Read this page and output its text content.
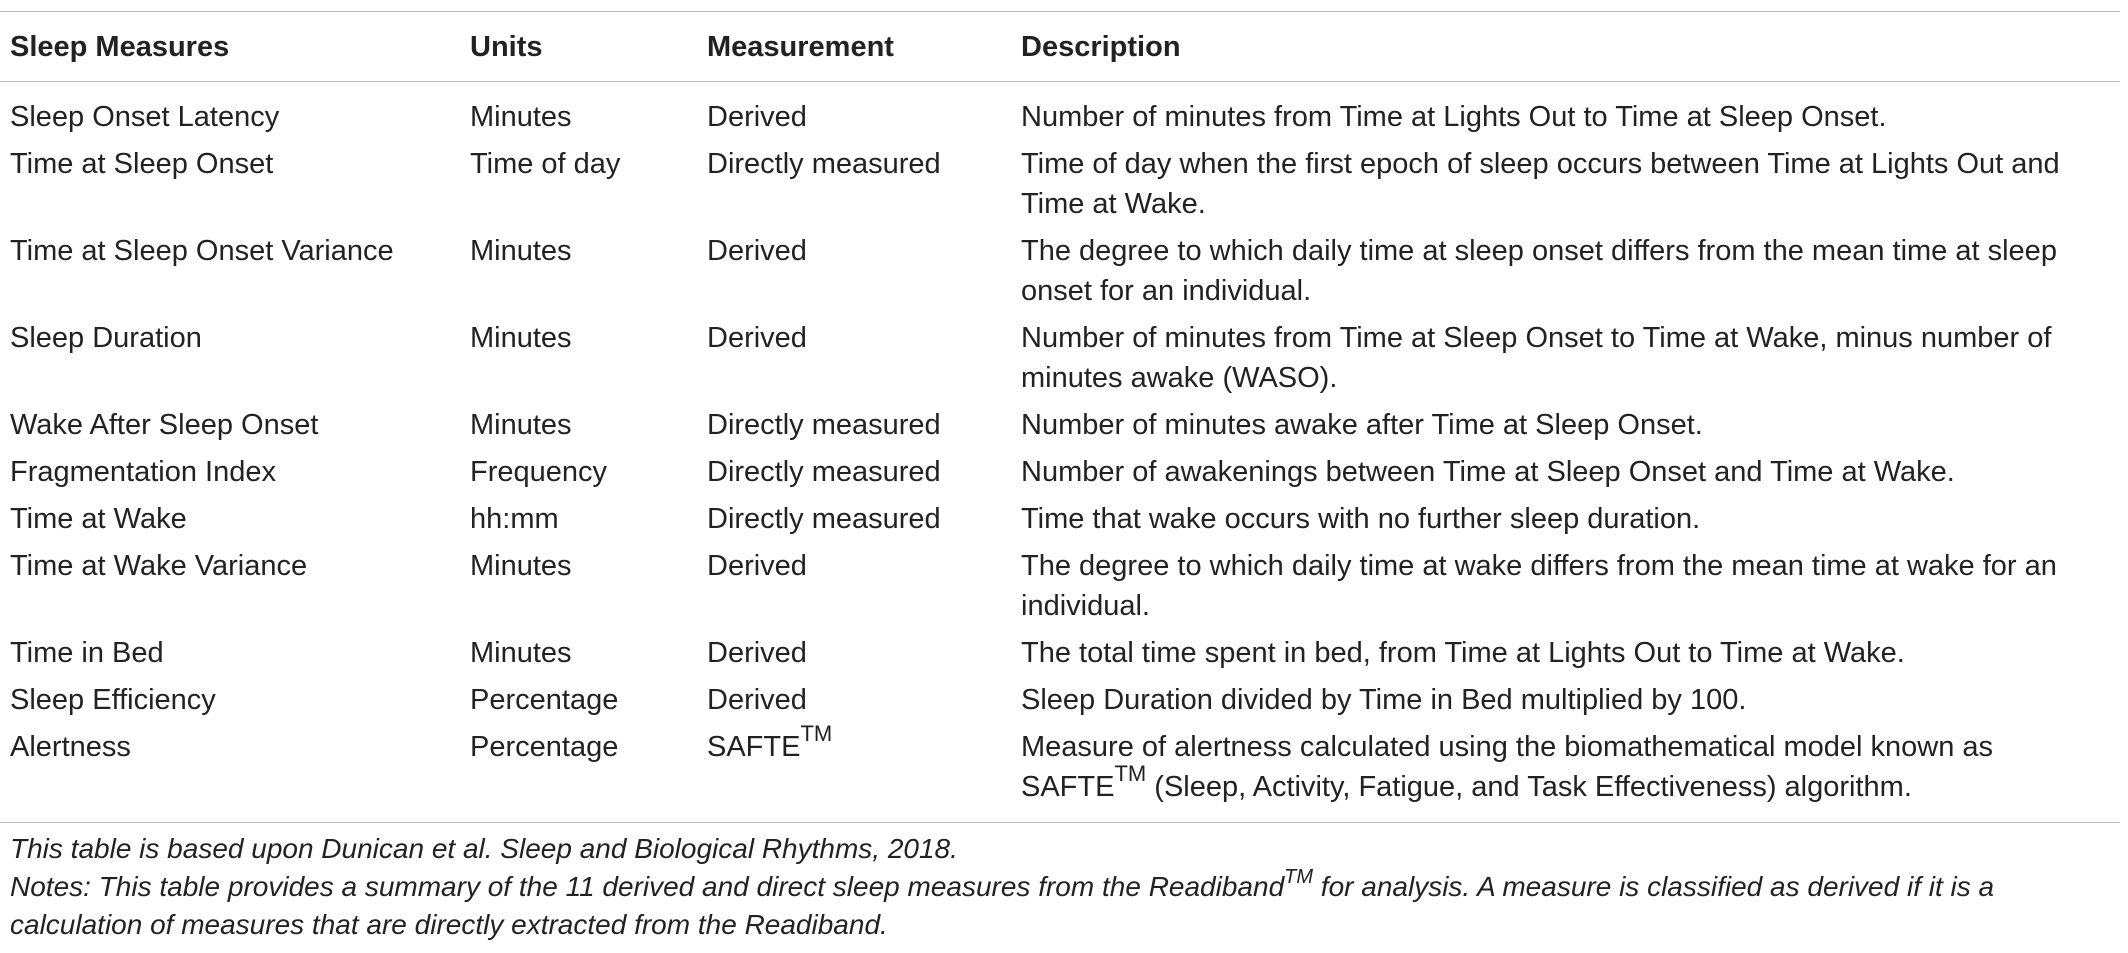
Sleep Measures	Units	Measurement	Description
Sleep Onset Latency	Minutes	Derived	Number of minutes from Time at Lights Out to Time at Sleep Onset.
Time at Sleep Onset	Time of day	Directly measured	Time of day when the first epoch of sleep occurs between Time at Lights Out and Time at Wake.
Time at Sleep Onset Variance	Minutes	Derived	The degree to which daily time at sleep onset differs from the mean time at sleep onset for an individual.
Sleep Duration	Minutes	Derived	Number of minutes from Time at Sleep Onset to Time at Wake, minus number of minutes awake (WASO).
Wake After Sleep Onset	Minutes	Directly measured	Number of minutes awake after Time at Sleep Onset.
Fragmentation Index	Frequency	Directly measured	Number of awakenings between Time at Sleep Onset and Time at Wake.
Time at Wake	hh:mm	Directly measured	Time that wake occurs with no further sleep duration.
Time at Wake Variance	Minutes	Derived	The degree to which daily time at wake differs from the mean time at wake for an individual.
Time in Bed	Minutes	Derived	The total time spent in bed, from Time at Lights Out to Time at Wake.
Sleep Efficiency	Percentage	Derived	Sleep Duration divided by Time in Bed multiplied by 100.
Alertness	Percentage	SAFTE™	Measure of alertness calculated using the biomathematical model known as SAFTE™ (Sleep, Activity, Fatigue, and Task Effectiveness) algorithm.

This table is based upon Dunican et al. Sleep and Biological Rhythms, 2018.

Notes: This table provides a summary of the 11 derived and direct sleep measures from the Readiband™ for analysis. A measure is classified as derived if it is a calculation of measures that are directly extracted from the Readiband.
